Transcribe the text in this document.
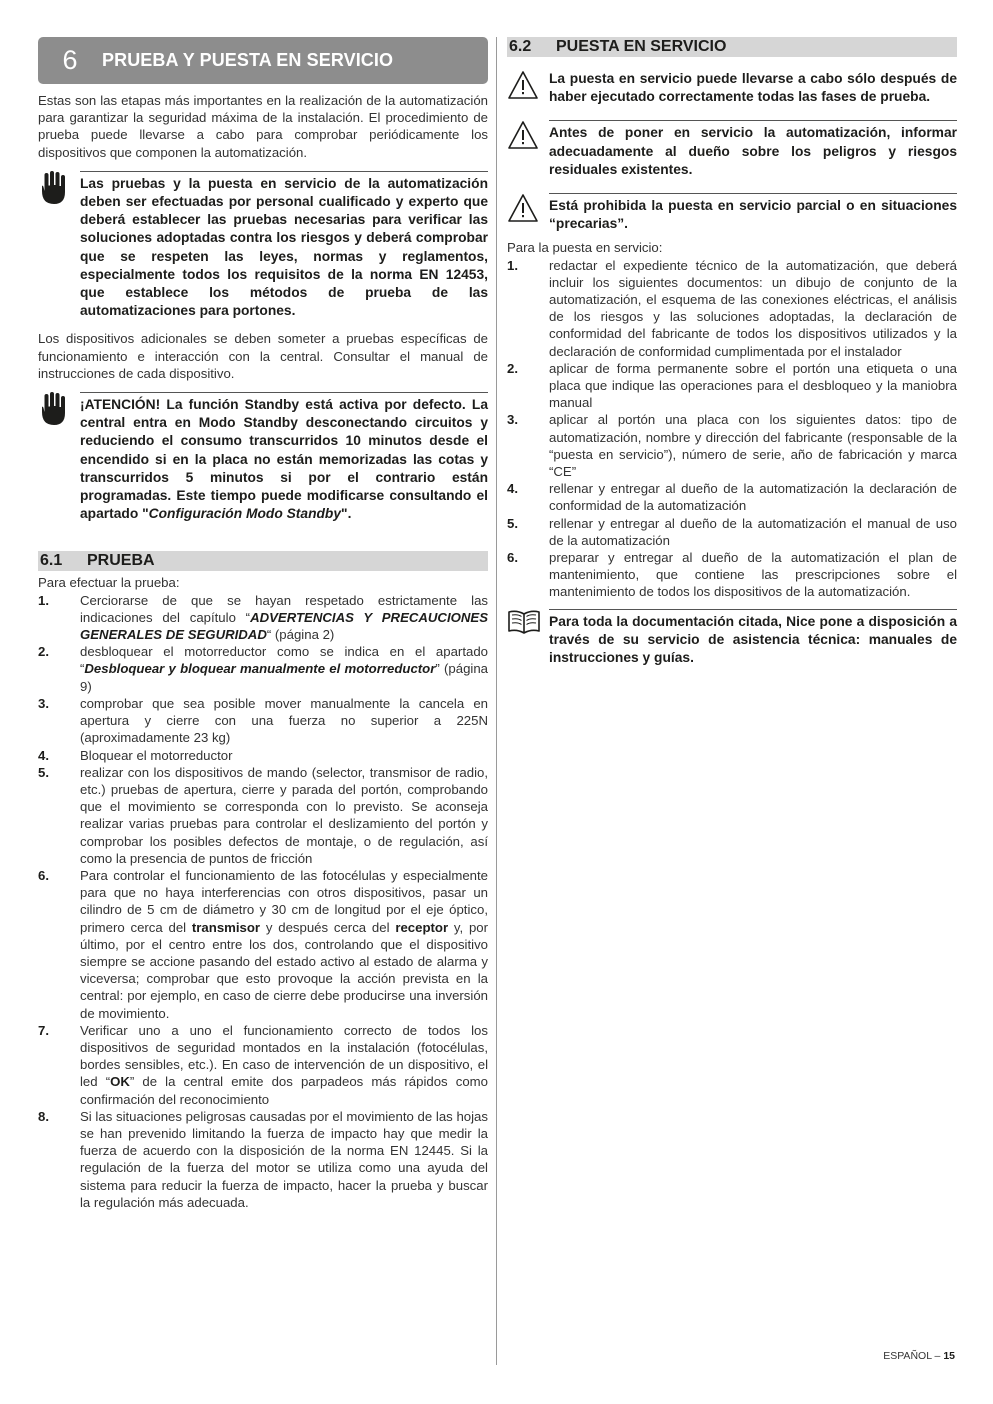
6	PRUEBA Y PUESTA EN SERVICIO

Estas son las etapas más importantes en la realización de la automatización para garantizar la seguridad máxima de la instalación. El procedimiento de prueba puede llevarse a cabo para comprobar periódicamente los dispositivos que componen la automatización.

Las pruebas y la puesta en servicio de la automatización deben ser efectuadas por personal cualificado y experto que deberá establecer las pruebas necesarias para verificar las soluciones adoptadas contra los riesgos y deberá comprobar que se respeten las leyes, normas y reglamentos, especialmente todos los requisitos de la norma EN 12453, que establece los métodos de prueba de las automatizaciones para portones.

Los dispositivos adicionales se deben someter a pruebas específicas de funcionamiento e interacción con la central. Consultar el manual de instrucciones de cada dispositivo.

¡ATENCIÓN! La función Standby está activa por defecto. La central entra en Modo Standby desconectando circuitos y reduciendo el consumo transcurridos 10 minutos desde el encendido si en la placa no están memorizadas las cotas y transcurridos 5 minutos si por el contrario están programadas. Este tiempo puede modificarse consultando el apartado "Configuración Modo Standby".
6.1	PRUEBA
Para efectuar la prueba:
1.	Cerciorarse de que se hayan respetado estrictamente las indicaciones del capítulo “ADVERTENCIAS Y PRECAUCIONES GENERALES DE SEGURIDAD“ (página 2)
2.	desbloquear el motorreductor como se indica en el apartado “Desbloquear y bloquear manualmente el motorreductor” (página 9)
3.	comprobar que sea posible mover manualmente la cancela en apertura y cierre con una fuerza no superior a 225N (aproximadamente 23 kg)
4.	Bloquear el motorreductor
5.	realizar con los dispositivos de mando (selector, transmisor de radio, etc.) pruebas de apertura, cierre y parada del portón, comprobando que el movimiento se corresponda con lo previsto. Se aconseja realizar varias pruebas para controlar el deslizamiento del portón y comprobar los posibles defectos de montaje, o de regulación, así como la presencia de puntos de fricción
6.	Para controlar el funcionamiento de las fotocélulas y especialmente para que no haya interferencias con otros dispositivos, pasar un cilindro de 5 cm de diámetro y 30 cm de longitud por el eje óptico, primero cerca del transmisor y después cerca del receptor y, por último, por el centro entre los dos, controlando que el dispositivo siempre se accione pasando del estado activo al estado de alarma y viceversa; comprobar que esto provoque la acción prevista en la central: por ejemplo, en caso de cierre debe producirse una inversión de movimiento.
7.	Verificar uno a uno el funcionamiento correcto de todos los dispositivos de seguridad montados en la instalación (fotocélulas, bordes sensibles, etc.). En caso de intervención de un dispositivo, el led “OK” de la central emite dos parpadeos más rápidos como confirmación del reconocimiento
8.	Si las situaciones peligrosas causadas por el movimiento de las hojas se han prevenido limitando la fuerza de impacto hay que medir la fuerza de acuerdo con la disposición de la norma EN 12445. Si la regulación de la fuerza del motor se utiliza como una ayuda del sistema para reducir la fuerza de impacto, hacer la prueba y buscar la regulación más adecuada.
6.2	PUESTA EN SERVICIO
La puesta en servicio puede llevarse a cabo sólo después de haber ejecutado correctamente todas las fases de prueba.
Antes de poner en servicio la automatización, informar adecuadamente al dueño sobre los peligros y riesgos residuales existentes.
Está prohibida la puesta en servicio parcial o en situaciones “precarias”.
Para la puesta en servicio:
1.	redactar el expediente técnico de la automatización, que deberá incluir los siguientes documentos: un dibujo de conjunto de la automatización, el esquema de las conexiones eléctricas, el análisis de los riesgos y las soluciones adoptadas, la declaración de conformidad del fabricante de todos los dispositivos utilizados y la declaración de conformidad cumplimentada por el instalador
2.	aplicar de forma permanente sobre el portón una etiqueta o una placa que indique las operaciones para el desbloqueo y la maniobra manual
3.	aplicar al portón una placa con los siguientes datos: tipo de automatización, nombre y dirección del fabricante (responsable de la “puesta en servicio”), número de serie, año de fabricación y marca “CE”
4.	rellenar y entregar al dueño de la automatización la declaración de conformidad de la automatización
5.	rellenar y entregar al dueño de la automatización el manual de uso de la automatización
6.	preparar y entregar al dueño de la automatización el plan de mantenimiento, que contiene las prescripciones sobre el mantenimiento de todos los dispositivos de la automatización.
Para toda la documentación citada, Nice pone a disposición a través de su servicio de asistencia técnica: manuales de instrucciones y guías.
ESPAÑOL – 15
